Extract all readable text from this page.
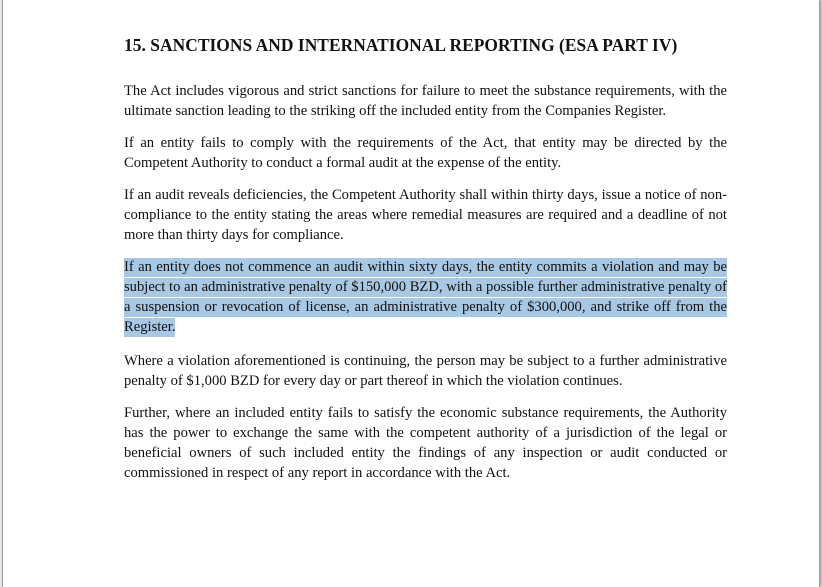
15. SANCTIONS AND INTERNATIONAL REPORTING (ESA PART IV)

The Act includes vigorous and strict sanctions for failure to meet the substance requirements, with the ultimate sanction leading to the striking off the included entity from the Companies Register.

If an entity fails to comply with the requirements of the Act, that entity may be directed by the Competent Authority to conduct a formal audit at the expense of the entity.

If an audit reveals deficiencies, the Competent Authority shall within thirty days, issue a notice of non-compliance to the entity stating the areas where remedial measures are required and a deadline of not more than thirty days for compliance.

If an entity does not commence an audit within sixty days, the entity commits a violation and may be subject to an administrative penalty of $150,000 BZD, with a possible further administrative penalty of a suspension or revocation of license, an administrative penalty of $300,000, and strike off from the Register.

Where a violation aforementioned is continuing, the person may be subject to a further administrative penalty of $1,000 BZD for every day or part thereof in which the violation continues.

Further, where an included entity fails to satisfy the economic substance requirements, the Authority has the power to exchange the same with the competent authority of a jurisdiction of the legal or beneficial owners of such included entity the findings of any inspection or audit conducted or commissioned in respect of any report in accordance with the Act.
